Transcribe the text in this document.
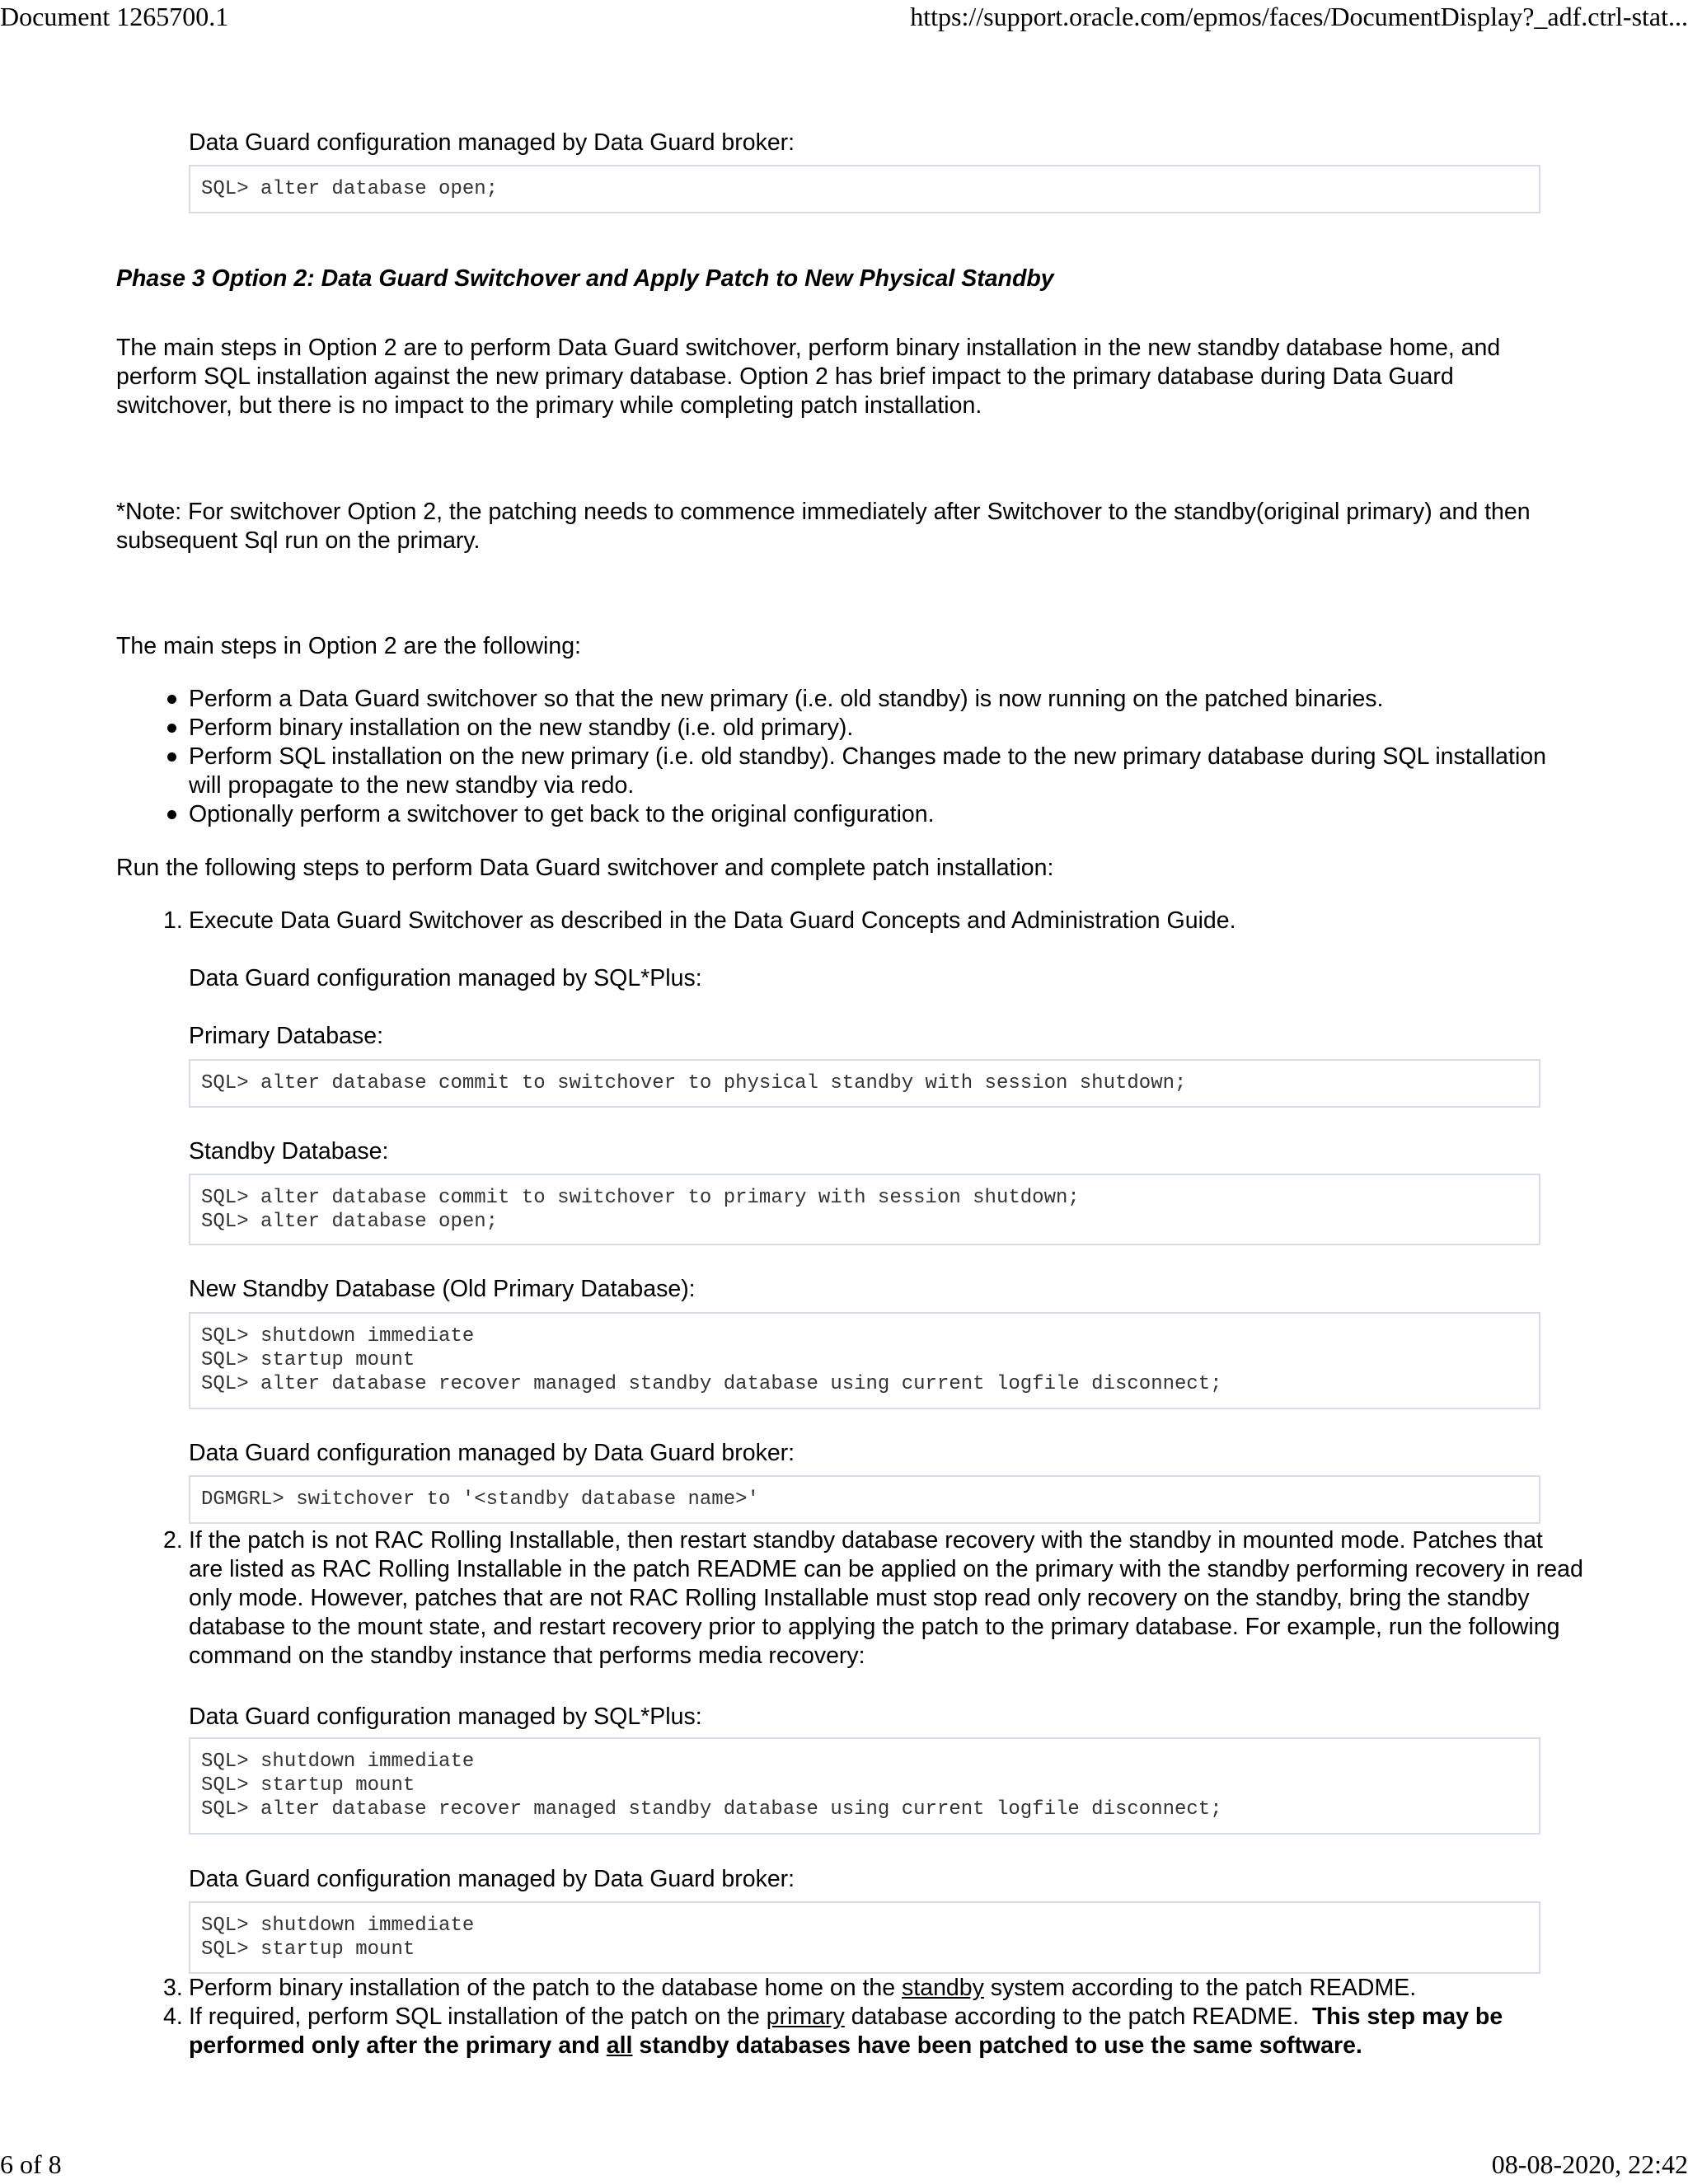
Document 1265700.1	https://support.oracle.com/epmos/faces/DocumentDisplay?_adf.ctrl-stat...
6 of 8	08-08-2020, 22:42
Data Guard configuration managed by Data Guard broker:
SQL> alter database open;
Phase 3 Option 2: Data Guard Switchover and Apply Patch to New Physical Standby
The main steps in Option 2 are to perform Data Guard switchover, perform binary installation in the new standby database home, and
perform SQL installation against the new primary database. Option 2 has brief impact to the primary database during Data Guard
switchover, but there is no impact to the primary while completing patch installation.
*Note: For switchover Option 2, the patching needs to commence immediately after Switchover to the standby(original primary) and then
subsequent Sql run on the primary.
The main steps in Option 2 are the following:
Perform a Data Guard switchover so that the new primary (i.e. old standby) is now running on the patched binaries.
Perform binary installation on the new standby (i.e. old primary).
Perform SQL installation on the new primary (i.e. old standby). Changes made to the new primary database during SQL installation
will propagate to the new standby via redo.
Optionally perform a switchover to get back to the original configuration.
Run the following steps to perform Data Guard switchover and complete patch installation:
1. Execute Data Guard Switchover as described in the Data Guard Concepts and Administration Guide.
Data Guard configuration managed by SQL*Plus:
Primary Database:
SQL> alter database commit to switchover to physical standby with session shutdown;
Standby Database:
SQL> alter database commit to switchover to primary with session shutdown;
SQL> alter database open;
New Standby Database (Old Primary Database):
SQL> shutdown immediate
SQL> startup mount
SQL> alter database recover managed standby database using current logfile disconnect;
Data Guard configuration managed by Data Guard broker:
DGMGRL> switchover to '<standby database name>'
2. If the patch is not RAC Rolling Installable, then restart standby database recovery with the standby in mounted mode. Patches that
are listed as RAC Rolling Installable in the patch README can be applied on the primary with the standby performing recovery in read
only mode. However, patches that are not RAC Rolling Installable must stop read only recovery on the standby, bring the standby
database to the mount state, and restart recovery prior to applying the patch to the primary database. For example, run the following
command on the standby instance that performs media recovery:
Data Guard configuration managed by SQL*Plus:
SQL> shutdown immediate
SQL> startup mount
SQL> alter database recover managed standby database using current logfile disconnect;
Data Guard configuration managed by Data Guard broker:
SQL> shutdown immediate
SQL> startup mount
3. Perform binary installation of the patch to the database home on the standby system according to the patch README.
4. If required, perform SQL installation of the patch on the primary database according to the patch README.  This step may be
performed only after the primary and all standby databases have been patched to use the same software.
